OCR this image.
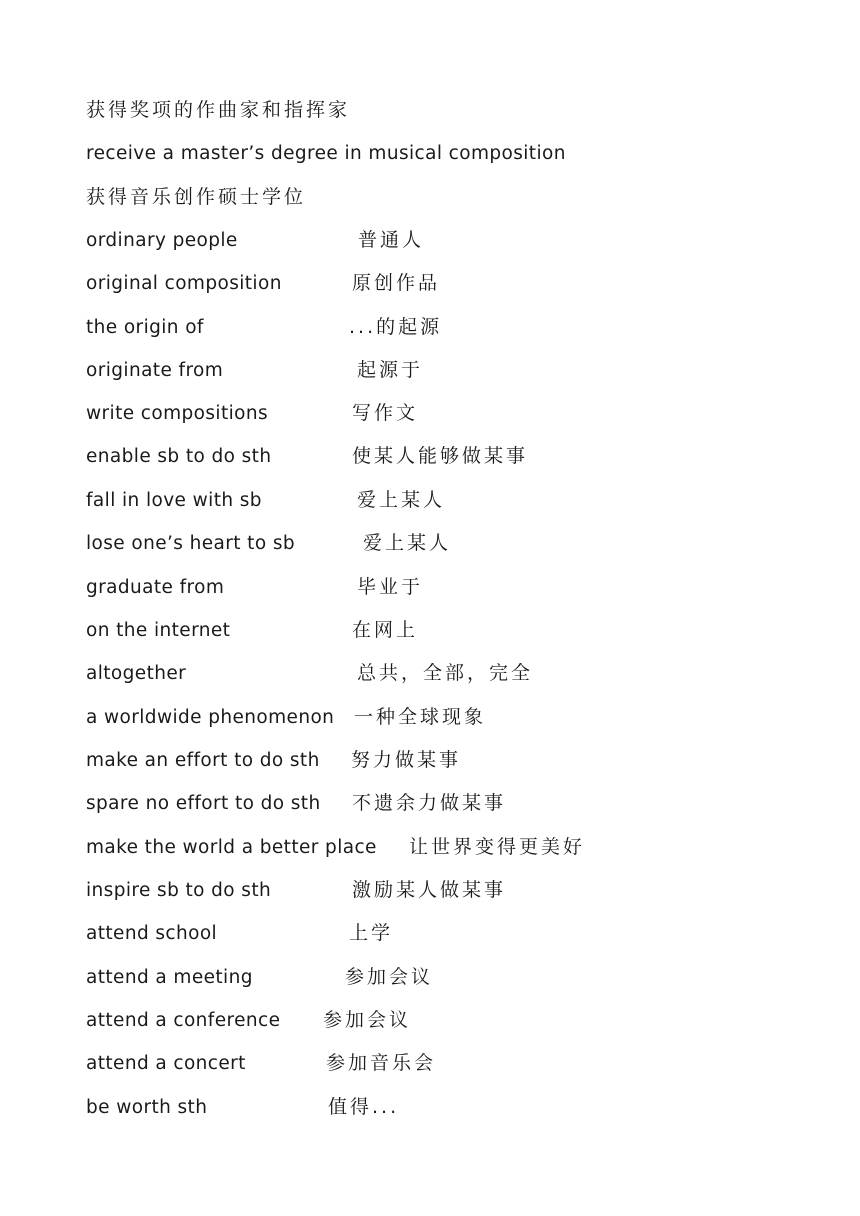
获得奖项的作曲家和指挥家
receive a master’s degree in musical composition
获得音乐创作硕士学位
ordinary people	普通人
original composition	原创作品
the origin of	...的起源
originate from	起源于
write compositions	写作文
enable sb to do sth	使某人能够做某事
fall in love with sb	爱上某人
lose one’s heart to sb	爱上某人
graduate from	毕业于
on the internet	在网上
altogether	总共，全部，完全
a worldwide phenomenon 一种全球现象
make an effort to do sth 努力做某事
spare no effort to do sth 不遗余力做某事
make the world a better place 让世界变得更美好
inspire sb to do sth	激励某人做某事
attend school	上学
attend a meeting	参加会议
attend a conference 参加会议
attend a concert	参加音乐会
be worth sth	值得...
